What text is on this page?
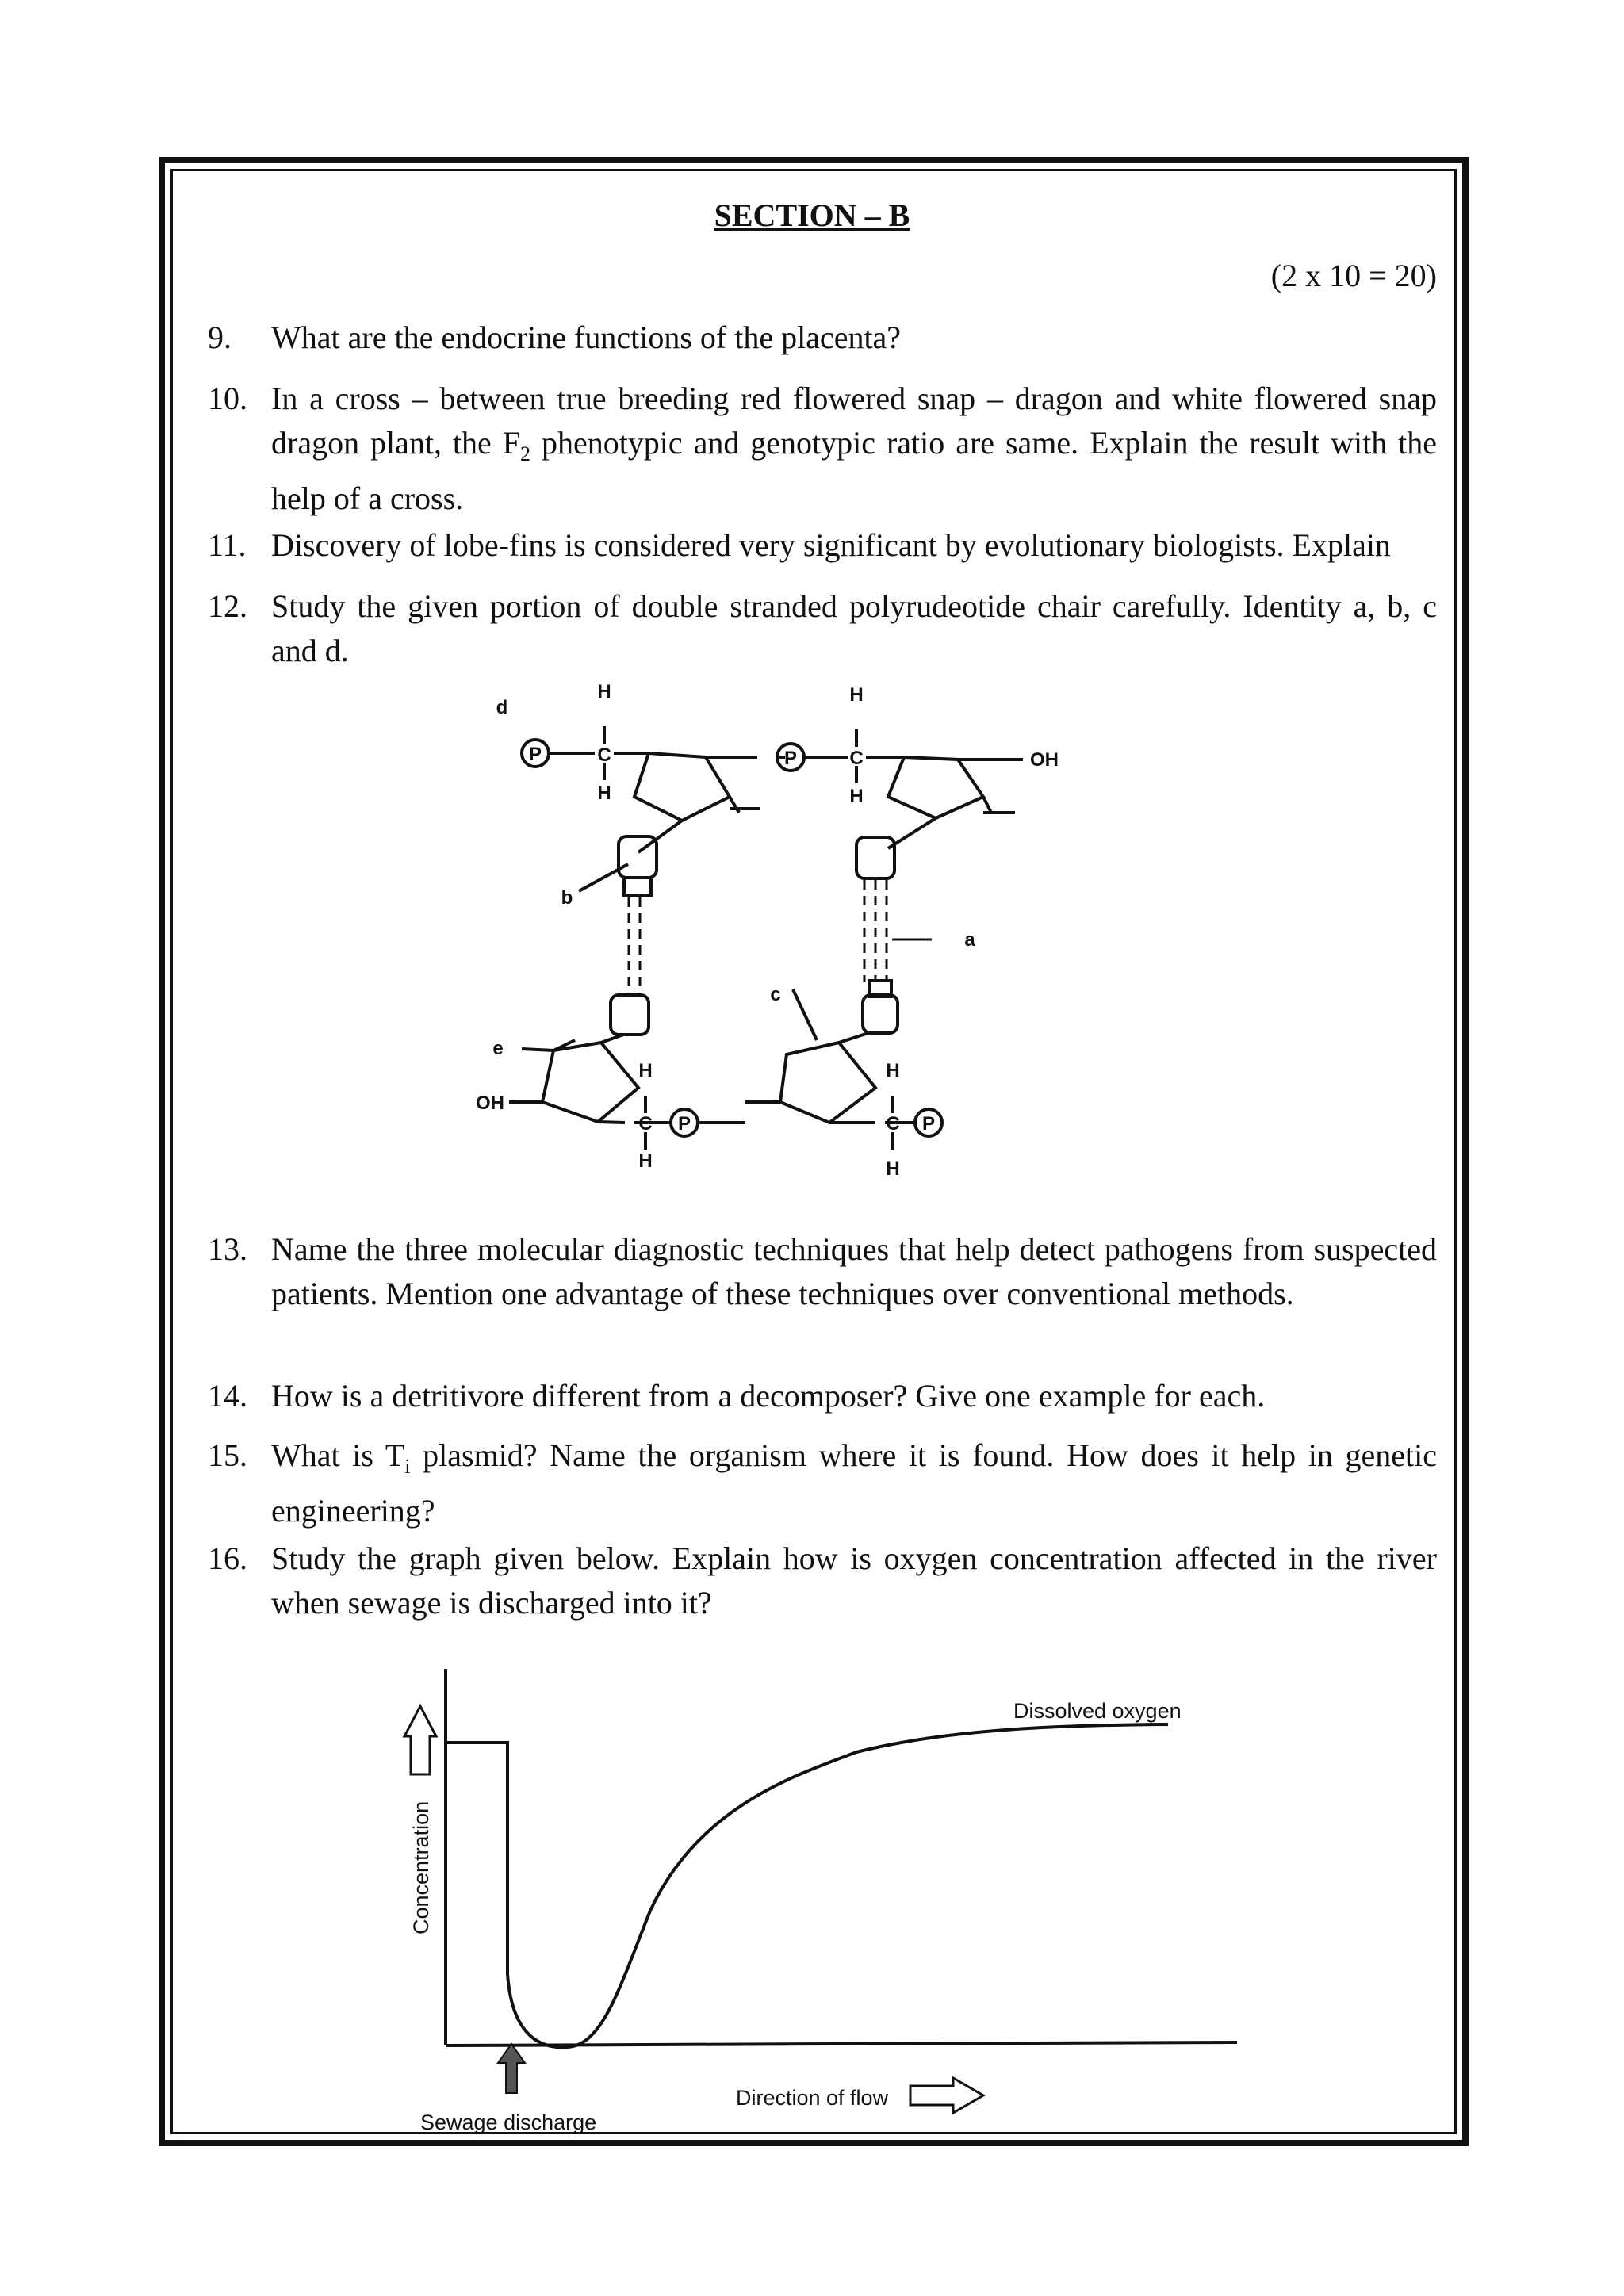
SECTION – B
(2 x 10 = 20)
9.	What are the endocrine functions of the placenta?
10. In a cross – between true breeding red flowered snap – dragon and white flowered snap dragon plant, the $F_2$ phenotypic and genotypic ratio are same. Explain the result with the help of a cross.
11. Discovery of lobe-fins is considered very significant by evolutionary biologists. Explain
12. Study the given portion of double stranded polyrudeotide chair carefully. Identity a, b, c and d.
d
H
C
H
P
H
C
H
P	OH
b
a
c
e
OH
H
C
H
P
H
C
H
P
13. Name the three molecular diagnostic techniques that help detect pathogens from suspected patients. Mention one advantage of these techniques over conventional methods.
14. How is a detritivore different from a decomposer? Give one example for each.
15. What is $T_i$ plasmid? Name the organism where it is found. How does it help in genetic engineering?
16. Study the graph given below. Explain how is oxygen concentration affected in the river when sewage is discharged into it?
Dissolved oxygen
Concentration
Direction of flow
Sewage discharge
